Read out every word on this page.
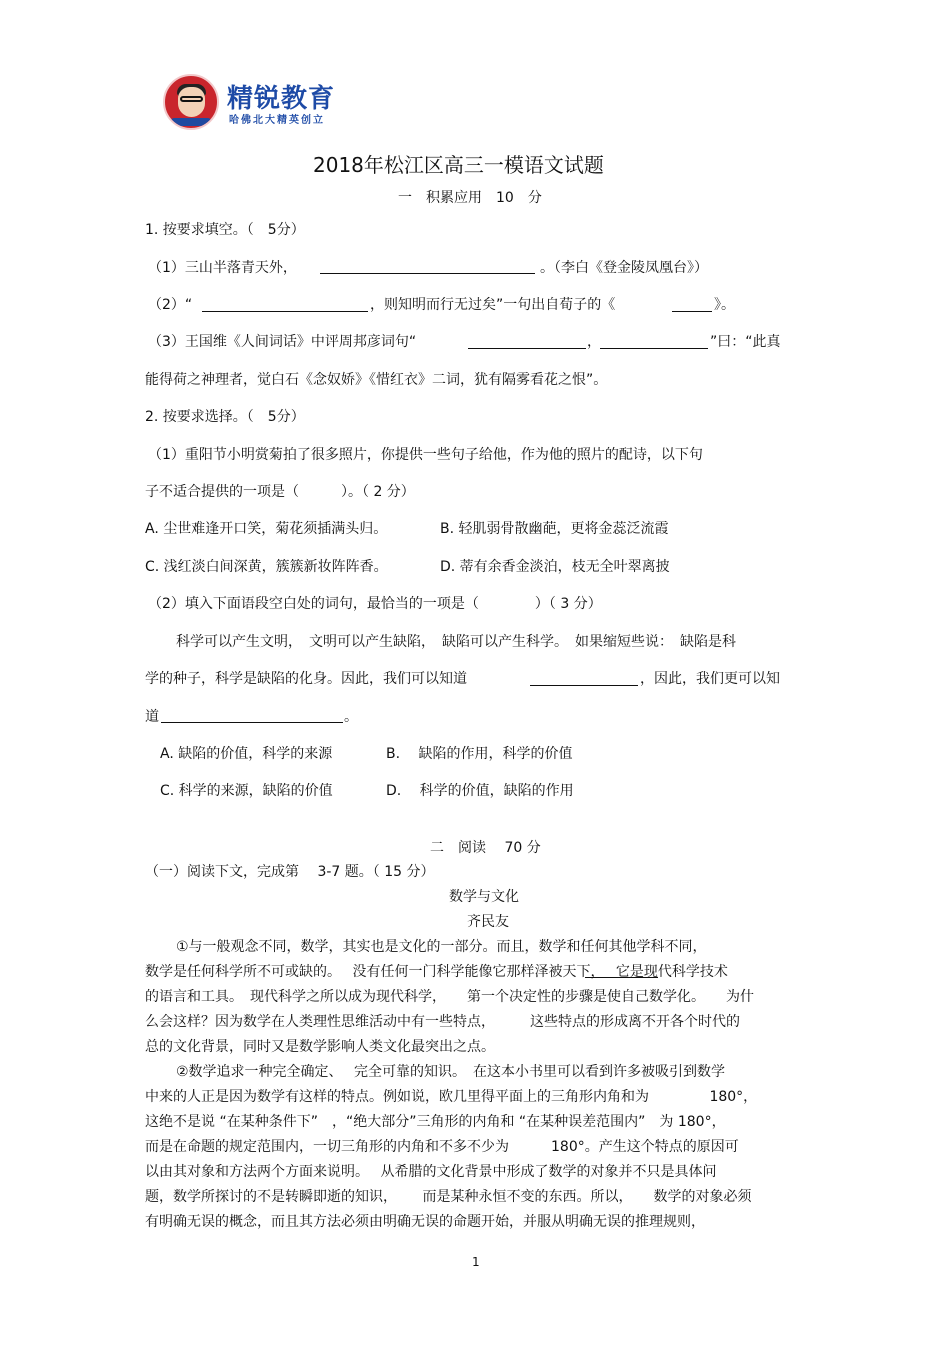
精锐教育
哈佛北大精英创立
2018年松江区高三一模语文试题
一　积累应用　10　分
1. 按要求填空。（　5分）
（1）三山半落青天外，	。（李白《登金陵凤凰台》）
（2）“	，则知明而行无过矣”一句出自荀子的《	》。
（3）王国维《人间词话》中评周邦彦词句“	，	”曰：“此真
能得荷之神理者，觉白石《念奴娇》《惜红衣》二词，犹有隔雾看花之恨”。
2. 按要求选择。（　5分）
（1）重阳节小明赏菊拍了很多照片，你提供一些句子给他，作为他的照片的配诗，以下句
子不适合提供的一项是（　　　）。（ 2 分）
A. 尘世难逢开口笑，菊花须插满头归。	B. 轻肌弱骨散幽葩，更将金蕊泛流霞
C. 浅红淡白间深黄，簇簇新妆阵阵香。	D. 蒂有余香金淡泊，枝无全叶翠离披
（2）填入下面语段空白处的词句，最恰当的一项是（　　　　）（ 3 分）
科学可以产生文明，　文明可以产生缺陷，　缺陷可以产生科学。　如果缩短些说：　缺陷是科
学的种子，科学是缺陷的化身。因此，我们可以知道	，因此，我们更可以知
道	。
A. 缺陷的价值，科学的来源	B.　 缺陷的作用，科学的价值
C. 科学的来源，缺陷的价值	D.　 科学的价值，缺陷的作用
二　阅读　 70 分
（一）阅读下文，完成第　 3-7 题。（ 15 分）
数学与文化
齐民友
①与一般观念不同，数学，其实也是文化的一部分。而且，数学和任何其他学科不同，
数学是任何科学所不可或缺的。　 没有任何一门科学能像它那样泽被天下，　 它是现代科学技术
的语言和工具。　现代科学之所以成为现代科学，　　第一个决定性的步骤是使自己数学化。　　为什
么会这样？因为数学在人类理性思维活动中有一些特点，　　　这些特点的形成离不开各个时代的
总的文化背景，同时又是数学影响人类文化最突出之点。
②数学追求一种完全确定、　 完全可靠的知识。　在这本小书里可以看到许多被吸引到数学
中来的人正是因为数学有这样的特点。例如说，欧几里得平面上的三角形内角和为　　　　 180°，
这绝不是说 “在某种条件下”　，“绝大部分”三角形的内角和 “在某种误差范围内”　为 180°，
而是在命题的规定范围内，一切三角形的内角和不多不少为　　　180°。产生这个特点的原因可
以由其对象和方法两个方面来说明。　 从希腊的文化背景中形成了数学的对象并不只是具体问
题，数学所探讨的不是转瞬即逝的知识，　　 而是某种永恒不变的东西。所以，　　数学的对象必须
有明确无误的概念，而且其方法必须由明确无误的命题开始，并服从明确无误的推理规则，
1
